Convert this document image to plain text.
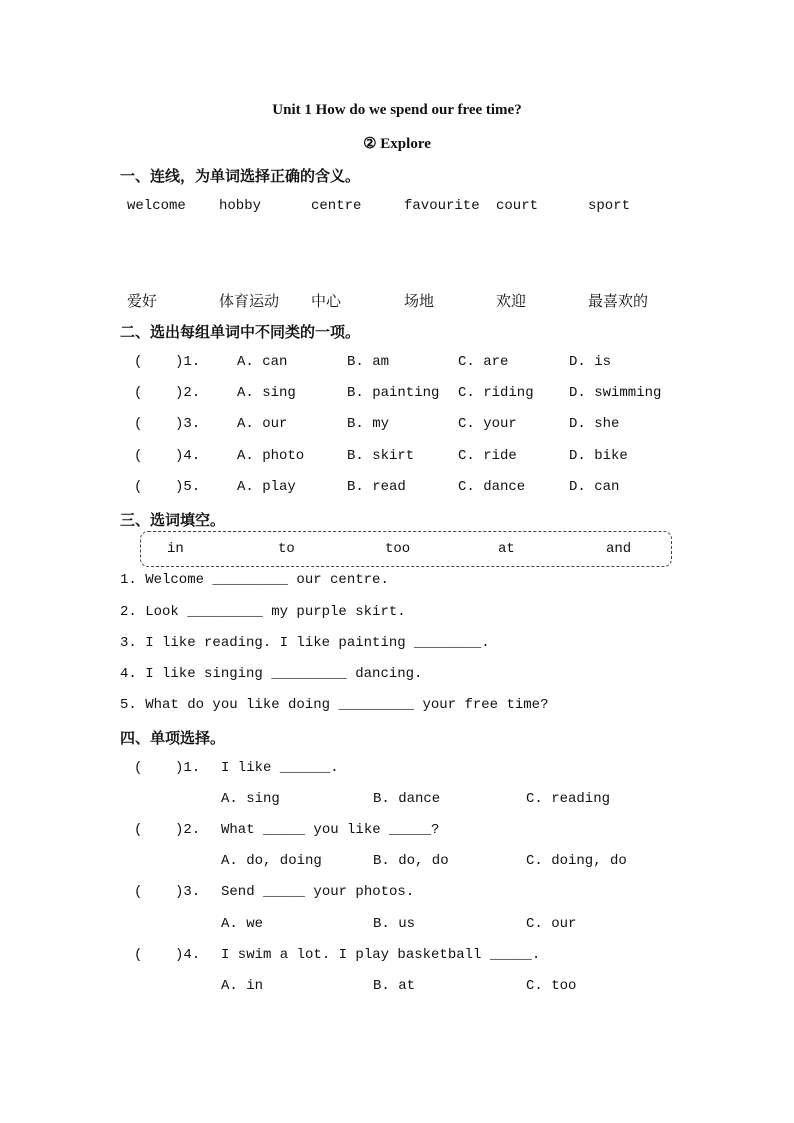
Unit 1 How do we spend our free time?
② Explore
一、连线，为单词选择正确的含义。
welcome hobby	centre	favourite court	sport
爱好	体育运动 中心	场地	欢迎	最喜欢的
二、选出每组单词中不同类的一项。
( )1.	A. can	B. am	C. are	D. is
( )2.	A. sing	B. painting C. riding	D. swimming
( )3.	A. our	B. my	C. your	D. she
( )4.	A. photo	B. skirt	C. ride	D. bike
( )5.	A. play	B. read	C. dance	D. can
三、选词填空。
in	to	too	at	and
1. Welcome _________ our centre.
2. Look _________ my purple skirt.
3. I like reading. I like painting ________.
4. I like singing _________ dancing.
5. What do you like doing _________ your free time?
四、单项选择。
( )1. I like ______.
A. sing	B. dance	C. reading
( )2. What _____ you like _____?
A. do, doing	B. do, do	C. doing, do
( )3. Send _____ your photos.
A. we	B. us	C. our
( )4. I swim a lot. I play basketball _____.
A. in	B. at	C. too
